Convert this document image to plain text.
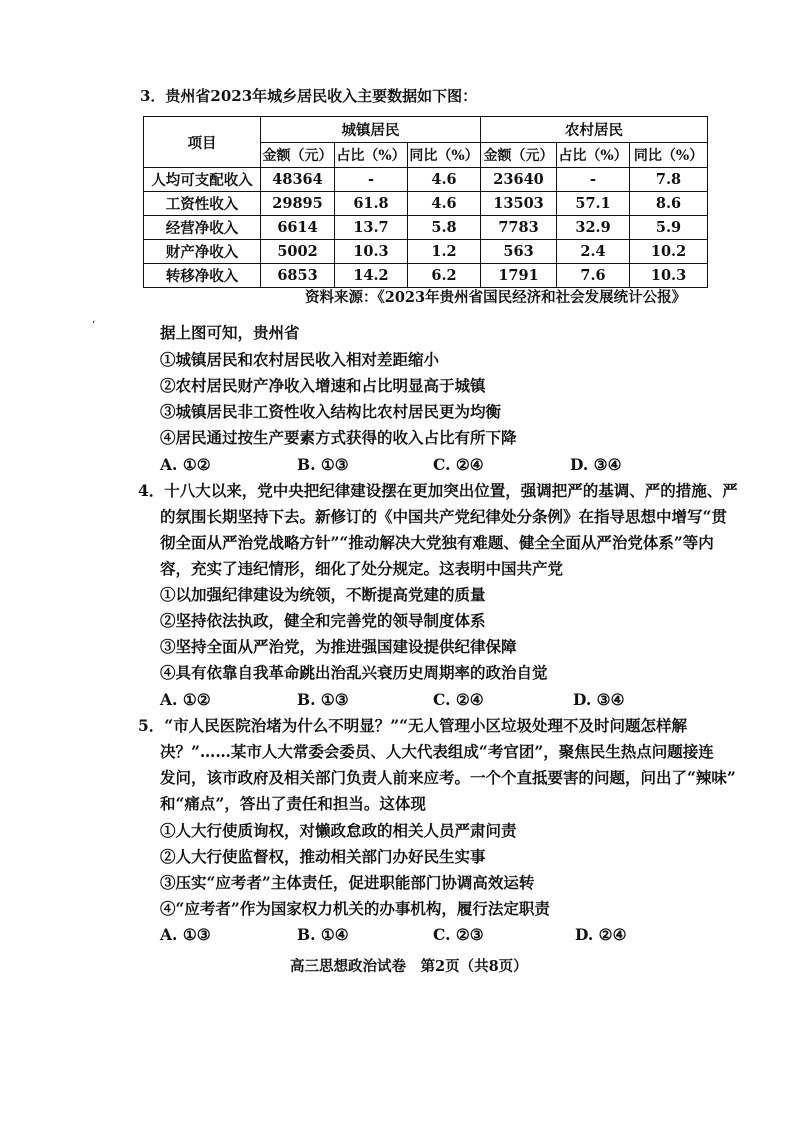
3．贵州省2023年城乡居民收入主要数据如下图：
项目	城镇居民			农村居民		
	金额（元）	占比（%）	同比（%）	金额（元）	占比（%）	同比（%）
人均可支配收入	48364	-	4.6	23640	-	7.8
工资性收入	29895	61.8	4.6	13503	57.1	8.6
经营净收入	6614	13.7	5.8	7783	32.9	5.9
财产净收入	5002	10.3	1.2	563	2.4	10.2
转移净收入	6853	14.2	6.2	1791	7.6	10.3
资料来源：《2023年贵州省国民经济和社会发展统计公报》
‘	据上图可知，贵州省
①城镇居民和农村居民收入相对差距缩小
②农村居民财产净收入增速和占比明显高于城镇
③城镇居民非工资性收入结构比农村居民更为均衡
④居民通过按生产要素方式获得的收入占比有所下降
A. ①②	B. ①③	C. ②④	D. ③④
4．十八大以来，党中央把纪律建设摆在更加突出位置，强调把严的基调、严的措施、严
的氛围长期坚持下去。新修订的《中国共产党纪律处分条例》在指导思想中增写“贯
彻全面从严治党战略方针”“推动解决大党独有难题、健全全面从严治党体系”等内
容，充实了违纪情形，细化了处分规定。这表明中国共产党
①以加强纪律建设为统领，不断提高党建的质量
②坚持依法执政，健全和完善党的领导制度体系
③坚持全面从严治党，为推进强国建设提供纪律保障
④具有依靠自我革命跳出治乱兴衰历史周期率的政治自觉
A. ①②	B. ①③	C. ②④	D. ③④
5．“市人民医院治堵为什么不明显？”“无人管理小区垃圾处理不及时问题怎样解
决？”……某市人大常委会委员、人大代表组成“考官团”，聚焦民生热点问题接连
发问，该市政府及相关部门负责人前来应考。一个个直抵要害的问题，问出了“辣味”
和“痛点”，答出了责任和担当。这体现
①人大行使质询权，对懒政怠政的相关人员严肃问责
②人大行使监督权，推动相关部门办好民生实事
③压实“应考者”主体责任，促进职能部门协调高效运转
④“应考者”作为国家权力机关的办事机构，履行法定职责
A. ①③	B. ①④	C. ②③	D. ②④
高三思想政治试卷　第2页（共8页）
